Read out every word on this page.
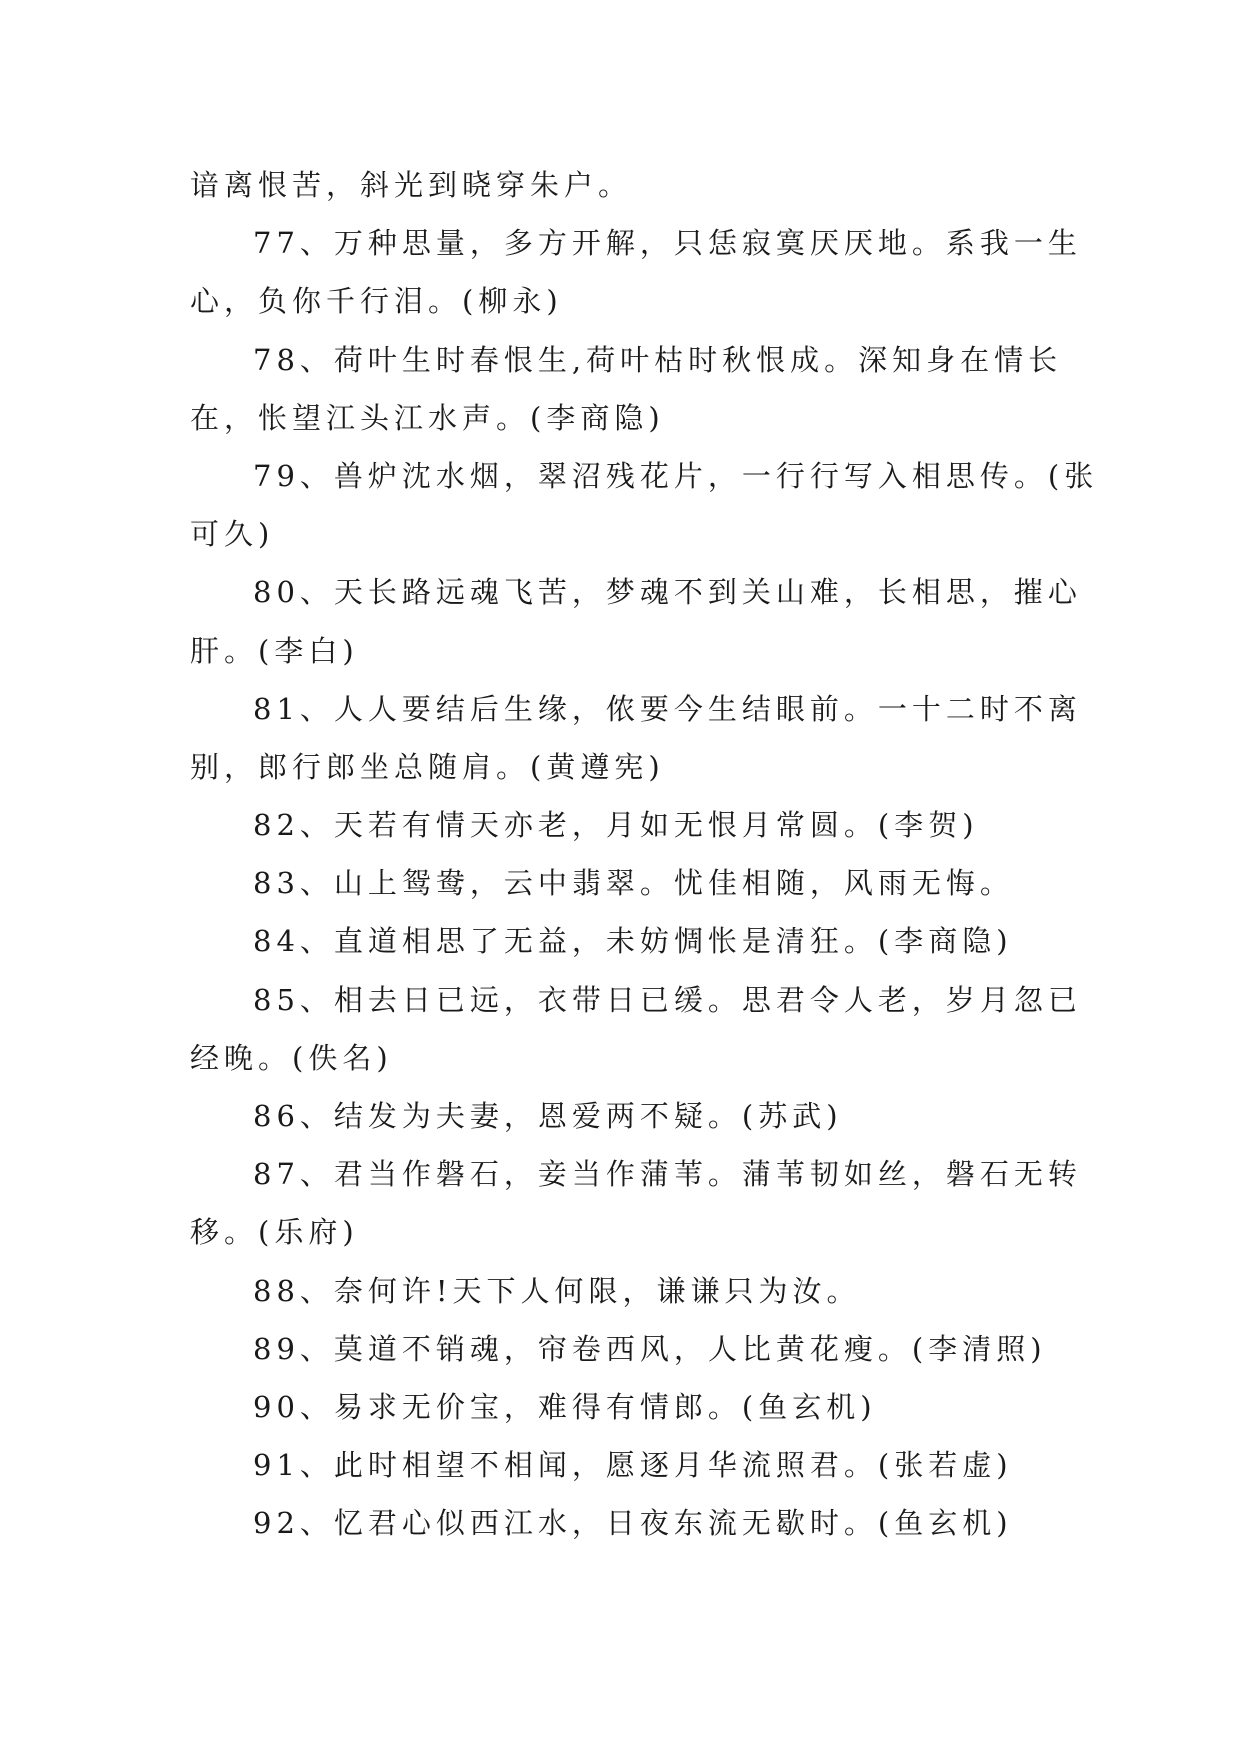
谙离恨苦，斜光到晓穿朱户。
77、万种思量，多方开解，只恁寂寞厌厌地。系我一生
心，负你千行泪。(柳永)
78、荷叶生时春恨生,荷叶枯时秋恨成。深知身在情长
在，怅望江头江水声。(李商隐)
79、兽炉沈水烟，翠沼残花片，一行行写入相思传。(张
可久)
80、天长路远魂飞苦，梦魂不到关山难，长相思，摧心
肝。(李白)
81、人人要结后生缘，侬要今生结眼前。一十二时不离
别，郎行郎坐总随肩。(黄遵宪)
82、天若有情天亦老，月如无恨月常圆。(李贺)
83、山上鸳鸯，云中翡翠。忧佳相随，风雨无悔。
84、直道相思了无益，未妨惆怅是清狂。(李商隐)
85、相去日已远，衣带日已缓。思君令人老，岁月忽已
经晚。(佚名)
86、结发为夫妻，恩爱两不疑。(苏武)
87、君当作磐石，妾当作蒲苇。蒲苇韧如丝，磐石无转
移。(乐府)
88、奈何许!天下人何限，谦谦只为汝。
89、莫道不销魂，帘卷西风，人比黄花瘦。(李清照)
90、易求无价宝，难得有情郎。(鱼玄机)
91、此时相望不相闻，愿逐月华流照君。(张若虚)
92、忆君心似西江水，日夜东流无歇时。(鱼玄机)
